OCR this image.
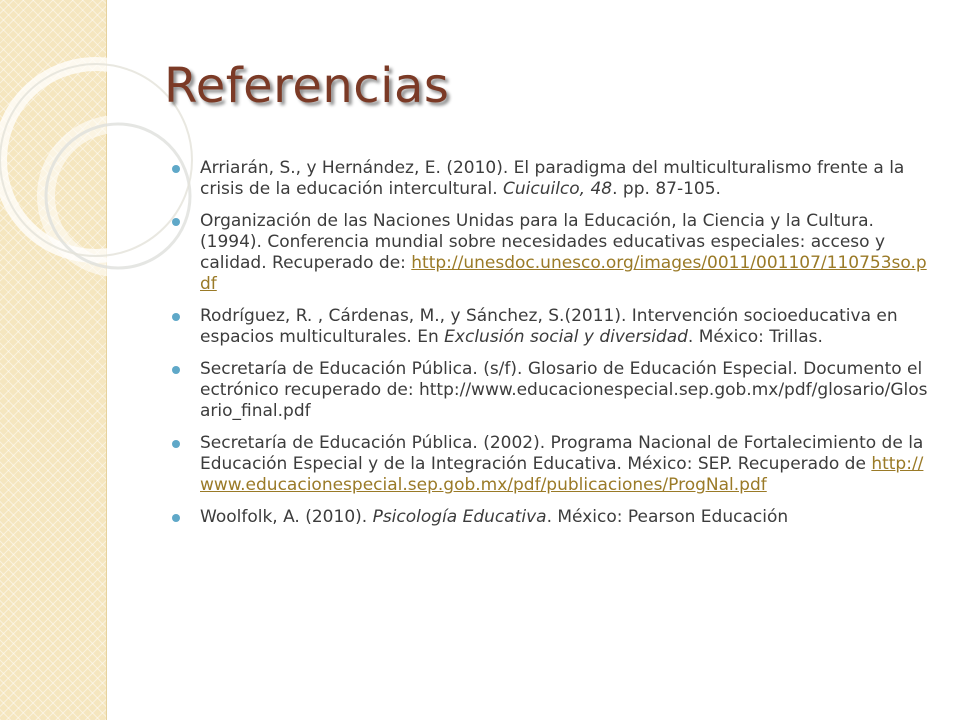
Referencias
Arriarán, S., y Hernández, E. (2010). El paradigma del multiculturalismo frente a la crisis de la educación intercultural. Cuicuilco, 48. pp. 87-105.
Organización de las Naciones Unidas para la Educación, la Ciencia y la Cultura. (1994). Conferencia mundial sobre necesidades educativas especiales: acceso y calidad. Recuperado de: http://unesdoc.unesco.org/images/0011/001107/110753so.pdf
Rodríguez, R. , Cárdenas, M., y Sánchez, S.(2011). Intervención socioeducativa en espacios multiculturales. En Exclusión social y diversidad. México: Trillas.
Secretaría de Educación Pública. (s/f). Glosario de Educación Especial. Documento electrónico recuperado de: http://www.educacionespecial.sep.gob.mx/pdf/glosario/Glosario_final.pdf
Secretaría de Educación Pública. (2002). Programa Nacional de Fortalecimiento de la Educación Especial y de la Integración Educativa. México: SEP. Recuperado de http://www.educacionespecial.sep.gob.mx/pdf/publicaciones/ProgNal.pdf
Woolfolk, A. (2010). Psicología Educativa. México: Pearson Educación
